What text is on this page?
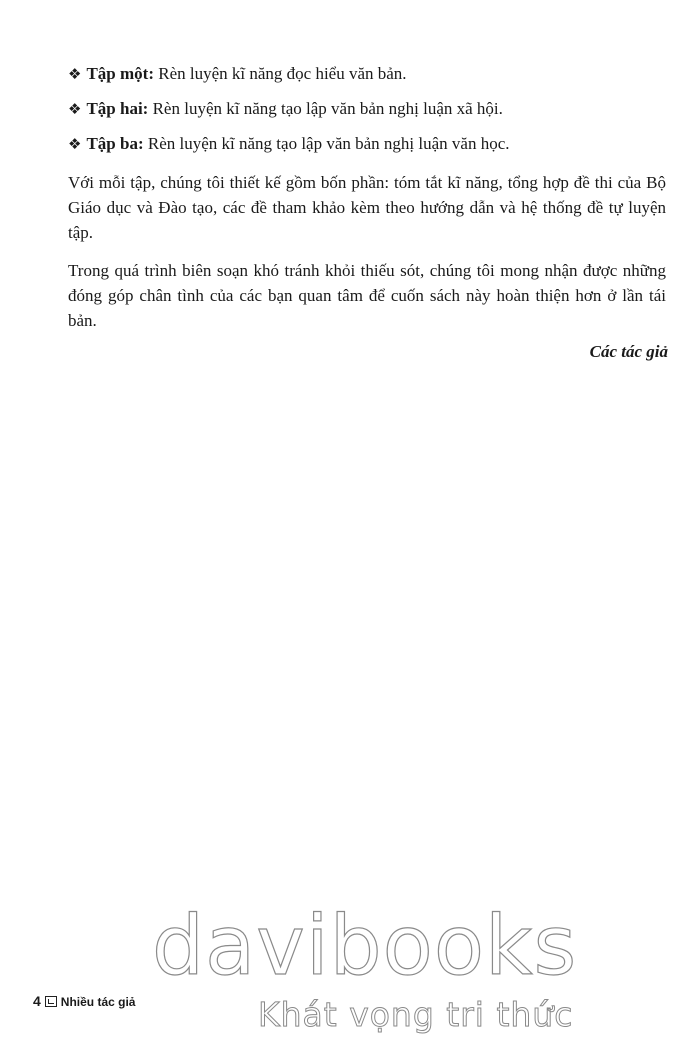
❖ Tập một: Rèn luyện kĩ năng đọc hiểu văn bản.
❖ Tập hai: Rèn luyện kĩ năng tạo lập văn bản nghị luận xã hội.
❖ Tập ba: Rèn luyện kĩ năng tạo lập văn bản nghị luận văn học.

Với mỗi tập, chúng tôi thiết kế gồm bốn phần: tóm tắt kĩ năng, tổng hợp đề thi của Bộ Giáo dục và Đào tạo, các đề tham khảo kèm theo hướng dẫn và hệ thống đề tự luyện tập.

Trong quá trình biên soạn khó tránh khỏi thiếu sót, chúng tôi mong nhận được những đóng góp chân tình của các bạn quan tâm để cuốn sách này hoàn thiện hơn ở lần tái bản.

Các tác giả
4 Nhiều tác giả
davibooks
Khát vọng tri thức
